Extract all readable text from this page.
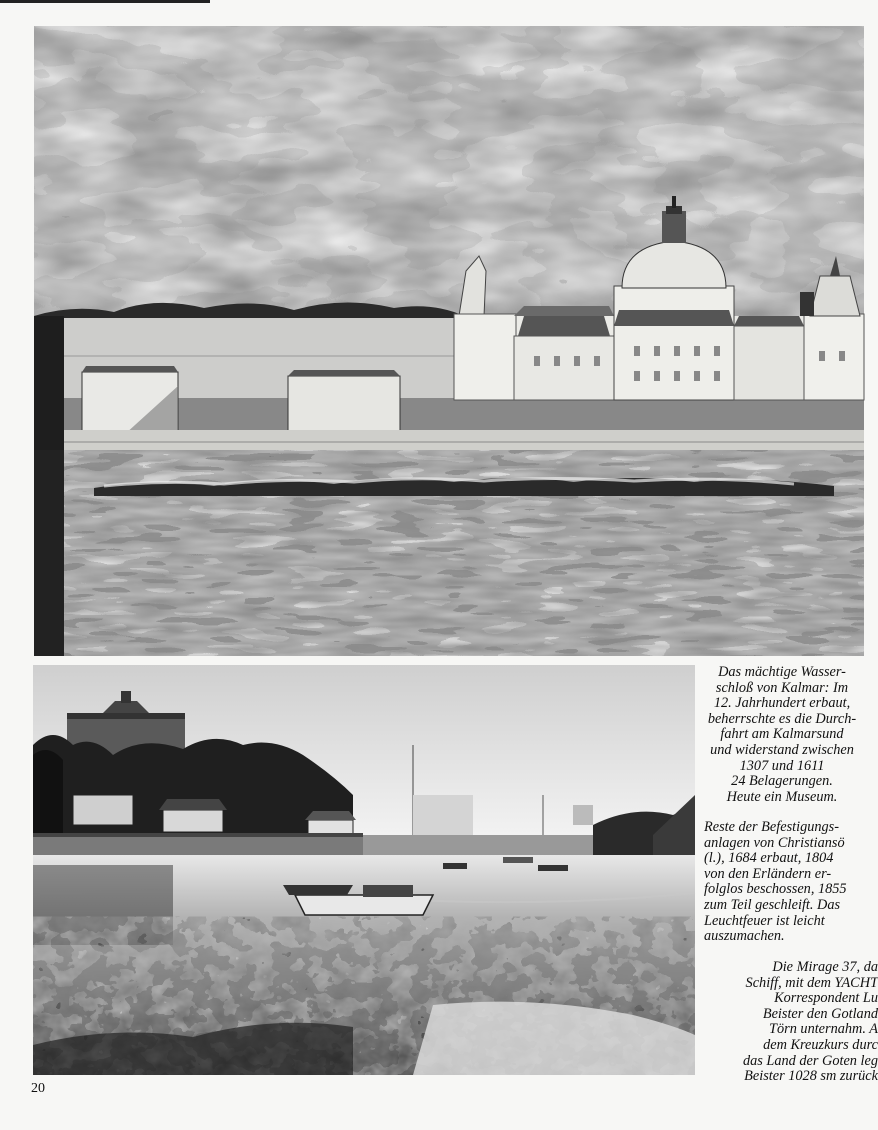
Das mächtige Wasser-
schloß von Kalmar: Im
12. Jahrhundert erbaut,
beherrschte es die Durch-
fahrt am Kalmarsund
und widerstand zwischen
1307 und 1611
24 Belagerungen.
Heute ein Museum.

Reste der Befestigungs-
anlagen von Christiansö
(l.), 1684 erbaut, 1804
von den Erländern er-
folglos beschossen, 1855
zum Teil geschleift. Das
Leuchtfeuer ist leicht
auszumachen.

Die Mirage 37, da
Schiff, mit dem YACHT
Korrespondent Lu
Beister den Gotland
Törn unternahm. A
dem Kreuzkurs durc
das Land der Goten leg
Beister 1028 sm zurück

20
